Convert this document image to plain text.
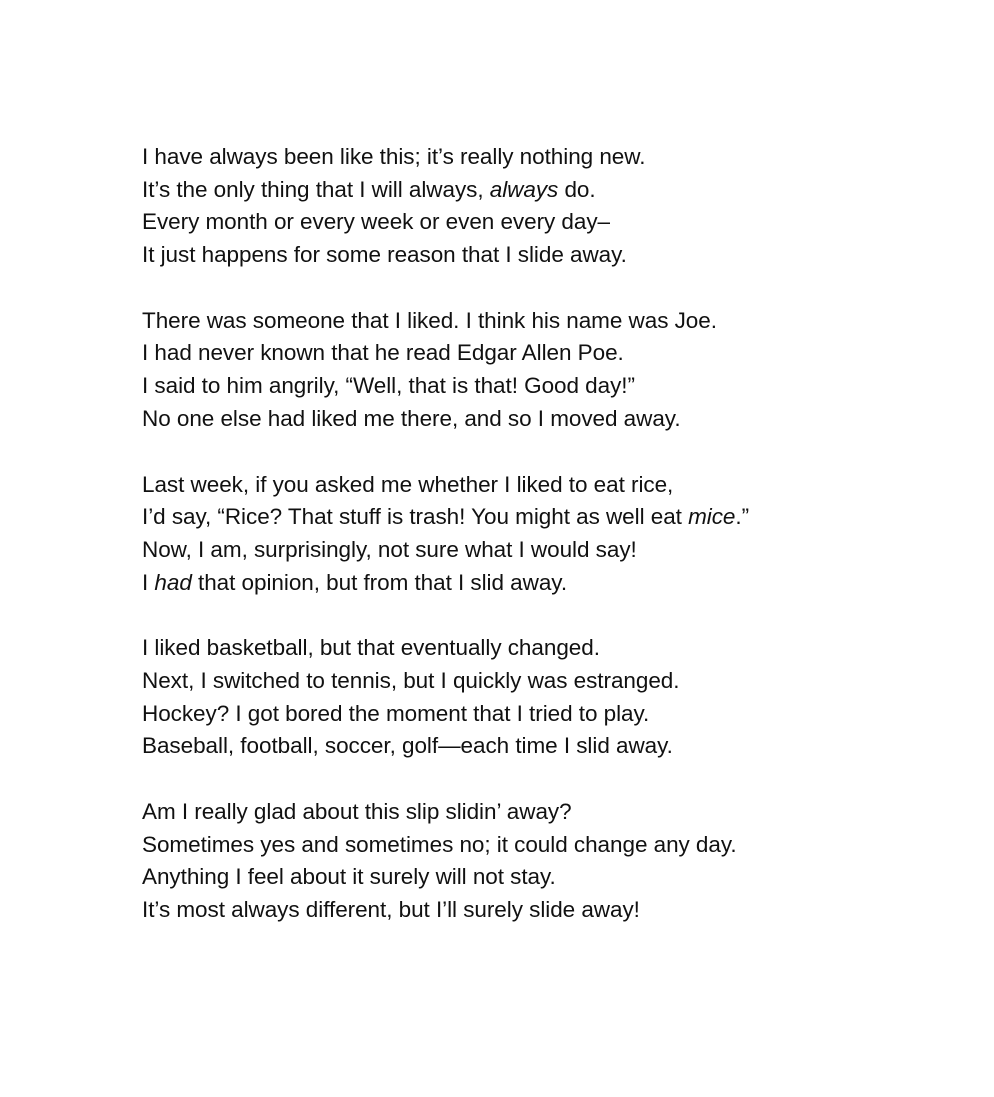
I have always been like this; it’s really nothing new.
It’s the only thing that I will always, always do.
Every month or every week or even every day–
It just happens for some reason that I slide away.
There was someone that I liked. I think his name was Joe.
I had never known that he read Edgar Allen Poe.
I said to him angrily, “Well, that is that! Good day!”
No one else had liked me there, and so I moved away.
Last week, if you asked me whether I liked to eat rice,
I’d say, “Rice? That stuff is trash! You might as well eat mice.”
Now, I am, surprisingly, not sure what I would say!
I had that opinion, but from that I slid away.
I liked basketball, but that eventually changed.
Next, I switched to tennis, but I quickly was estranged.
Hockey? I got bored the moment that I tried to play.
Baseball, football, soccer, golf—each time I slid away.
Am I really glad about this slip slidin’ away?
Sometimes yes and sometimes no; it could change any day.
Anything I feel about it surely will not stay.
It’s most always different, but I’ll surely slide away!
